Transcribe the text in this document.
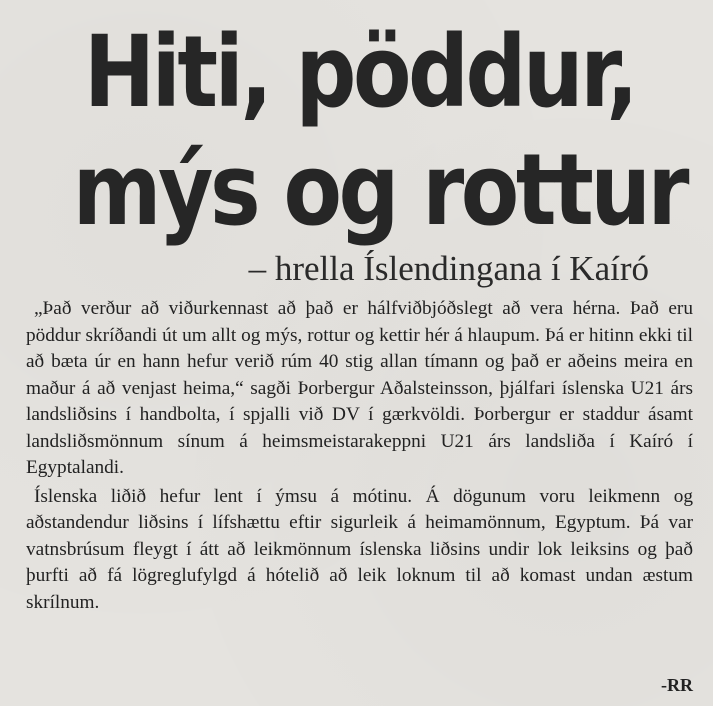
Hiti, pöddur,
mýs og rottur
– hrella Íslendingana í Kaíró

„Það verður að viðurkennast að það er hálfviðbjóðslegt að vera hérna. Það eru pöddur skríðandi út um allt og mýs, rottur og kettir hér á hlaupum. Þá er hitinn ekki til að bæta úr en hann hefur verið rúm 40 stig allan tímann og það er aðeins meira en maður á að venjast heima,“ sagði Þorbergur Aðalsteinsson, þjálfari íslenska U21 árs landsliðsins í handbolta, í spjalli við DV í gærkvöldi. Þorbergur er staddur ásamt landsliðsmönnum sínum á heimsmeistarakeppni U21 árs landsliða í Kaíró í Egyptalandi.

Íslenska liðið hefur lent í ýmsu á mótinu. Á dögunum voru leikmenn og aðstandendur liðsins í lífshættu eftir sigurleik á heimamönnum, Egyptum. Þá var vatnsbrúsum fleygt í átt að leikmönnum íslenska liðsins undir lok leiksins og það þurfti að fá lögreglufylgd á hótelið að leik loknum til að komast undan æstum skrílnum.

-RR
